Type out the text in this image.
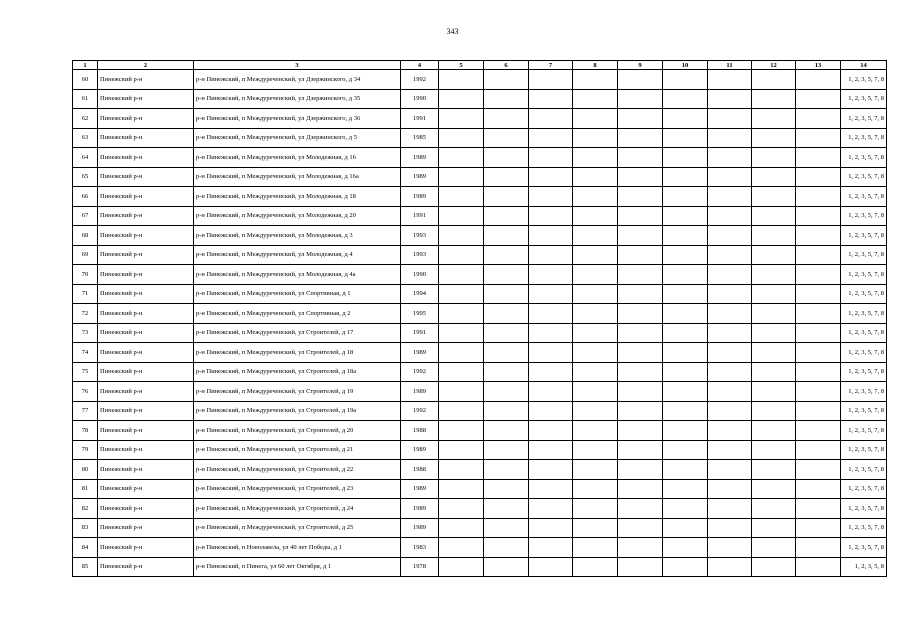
343
1	2	3	4	5	6	7	8	9	10	11	12	13	14
60	Пинежский р-н	р-н Пинежский, п Междуреченский, ул Дзержинского, д 34	1992										1, 2, 3, 5, 7, 8
61	Пинежский р-н	р-н Пинежский, п Междуреченский, ул Дзержинского, д 35	1990										1, 2, 3, 5, 7, 8
62	Пинежский р-н	р-н Пинежский, п Междуреченский, ул Дзержинского, д 36	1991										1, 2, 3, 5, 7, 8
63	Пинежский р-н	р-н Пинежский, п Междуреченский, ул Дзержинского, д 5	1985										1, 2, 3, 5, 7, 8
64	Пинежский р-н	р-н Пинежский, п Междуреченский, ул Молодежная, д 16	1989										1, 2, 3, 5, 7, 8
65	Пинежский р-н	р-н Пинежский, п Междуреченский, ул Молодежная, д 16а	1989										1, 2, 3, 5, 7, 8
66	Пинежский р-н	р-н Пинежский, п Междуреченский, ул Молодежная, д 18	1989										1, 2, 3, 5, 7, 8
67	Пинежский р-н	р-н Пинежский, п Междуреченский, ул Молодежная, д 20	1991										1, 2, 3, 5, 7, 8
68	Пинежский р-н	р-н Пинежский, п Междуреченский, ул Молодежная, д 3	1993										1, 2, 3, 5, 7, 8
69	Пинежский р-н	р-н Пинежский, п Междуреченский, ул Молодежная, д 4	1993										1, 2, 3, 5, 7, 8
70	Пинежский р-н	р-н Пинежский, п Междуреченский, ул Молодежная, д 4а	1990										1, 2, 3, 5, 7, 8
71	Пинежский р-н	р-н Пинежский, п Междуреченский, ул Спортивная, д 1	1994										1, 2, 3, 5, 7, 8
72	Пинежский р-н	р-н Пинежский, п Междуреченский, ул Спортивная, д 2	1995										1, 2, 3, 5, 7, 8
73	Пинежский р-н	р-н Пинежский, п Междуреченский, ул Строителей, д 17	1991										1, 2, 3, 5, 7, 8
74	Пинежский р-н	р-н Пинежский, п Междуреченский, ул Строителей, д 18	1989										1, 2, 3, 5, 7, 8
75	Пинежский р-н	р-н Пинежский, п Междуреченский, ул Строителей, д 18а	1992										1, 2, 3, 5, 7, 8
76	Пинежский р-н	р-н Пинежский, п Междуреченский, ул Строителей, д 19	1989										1, 2, 3, 5, 7, 8
77	Пинежский р-н	р-н Пинежский, п Междуреченский, ул Строителей, д 19а	1992										1, 2, 3, 5, 7, 8
78	Пинежский р-н	р-н Пинежский, п Междуреченский, ул Строителей, д 20	1988										1, 2, 3, 5, 7, 8
79	Пинежский р-н	р-н Пинежский, п Междуреченский, ул Строителей, д 21	1989										1, 2, 3, 5, 7, 8
80	Пинежский р-н	р-н Пинежский, п Междуреченский, ул Строителей, д 22	1988										1, 2, 3, 5, 7, 8
81	Пинежский р-н	р-н Пинежский, п Междуреченский, ул Строителей, д 23	1989										1, 2, 3, 5, 7, 8
82	Пинежский р-н	р-н Пинежский, п Междуреченский, ул Строителей, д 24	1989										1, 2, 3, 5, 7, 8
83	Пинежский р-н	р-н Пинежский, п Междуреченский, ул Строителей, д 25	1989										1, 2, 3, 5, 7, 8
84	Пинежский р-н	р-н Пинежский, п Новолавела, ул 40 лет Победы, д 1	1983										1, 2, 3, 5, 7, 8
85	Пинежский р-н	р-н Пинежский, п Пинега, ул 60 лет Октября, д 1	1978										1, 2, 3, 5, 8
